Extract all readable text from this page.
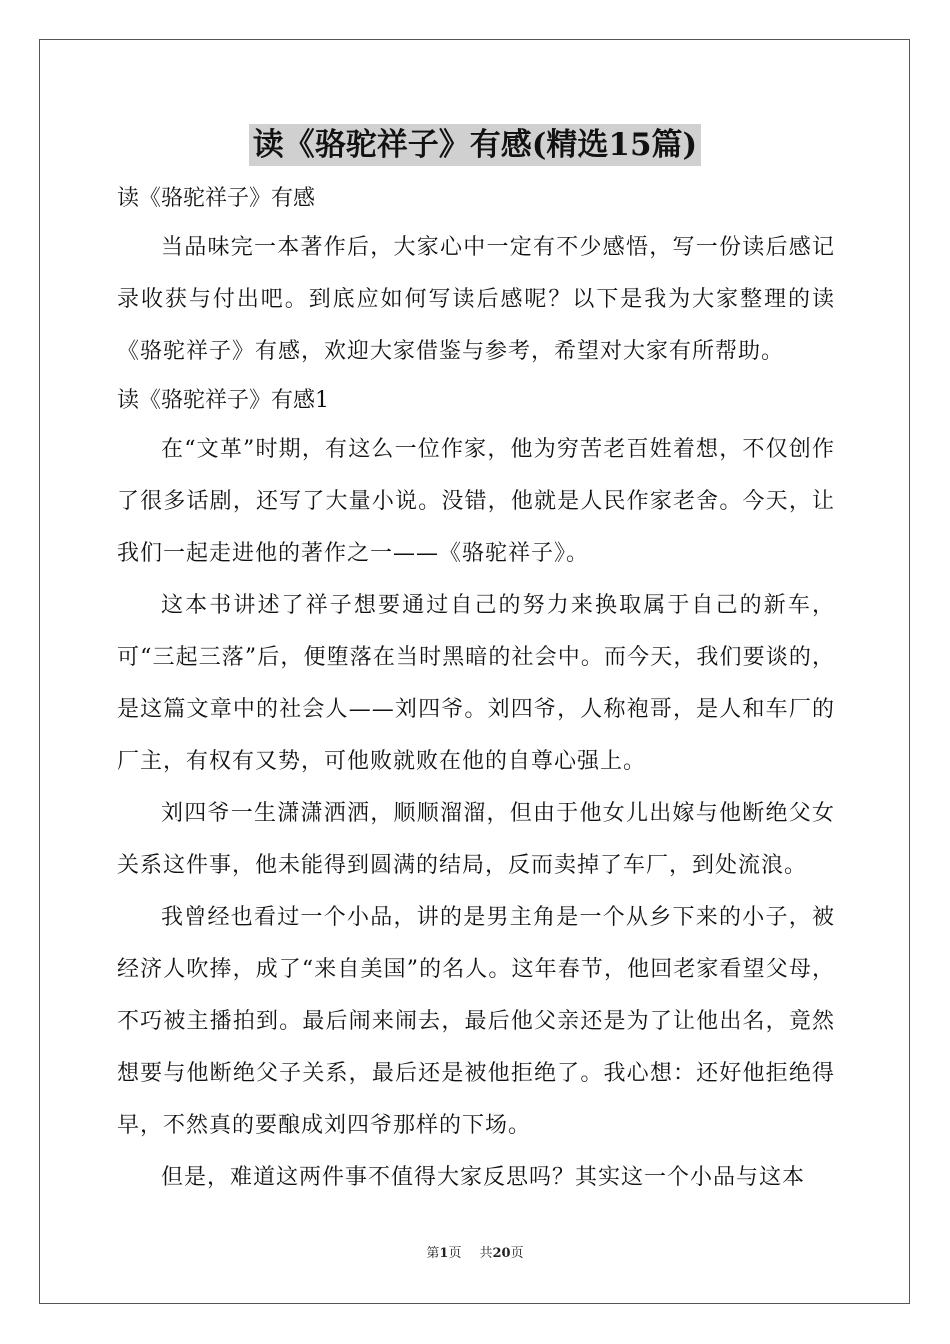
读《骆驼祥子》有感(精选15篇)

读《骆驼祥子》有感

当品味完一本著作后，大家心中一定有不少感悟，写一份读后感记录收获与付出吧。到底应如何写读后感呢？以下是我为大家整理的读《骆驼祥子》有感，欢迎大家借鉴与参考，希望对大家有所帮助。

读《骆驼祥子》有感1

在“文革”时期，有这么一位作家，他为穷苦老百姓着想，不仅创作了很多话剧，还写了大量小说。没错，他就是人民作家老舍。今天，让我们一起走进他的著作之一——《骆驼祥子》。

这本书讲述了祥子想要通过自己的努力来换取属于自己的新车，可“三起三落”后，便堕落在当时黑暗的社会中。而今天，我们要谈的，是这篇文章中的社会人——刘四爷。刘四爷，人称袍哥，是人和车厂的厂主，有权有又势，可他败就败在他的自尊心强上。

刘四爷一生潇潇洒洒，顺顺溜溜，但由于他女儿出嫁与他断绝父女关系这件事，他未能得到圆满的结局，反而卖掉了车厂，到处流浪。

我曾经也看过一个小品，讲的是男主角是一个从乡下来的小子，被经济人吹捧，成了“来自美国”的名人。这年春节，他回老家看望父母，不巧被主播拍到。最后闹来闹去，最后他父亲还是为了让他出名，竟然想要与他断绝父子关系，最后还是被他拒绝了。我心想：还好他拒绝得早，不然真的要酿成刘四爷那样的下场。

但是，难道这两件事不值得大家反思吗？其实这一个小品与这本

第1页 共20页
